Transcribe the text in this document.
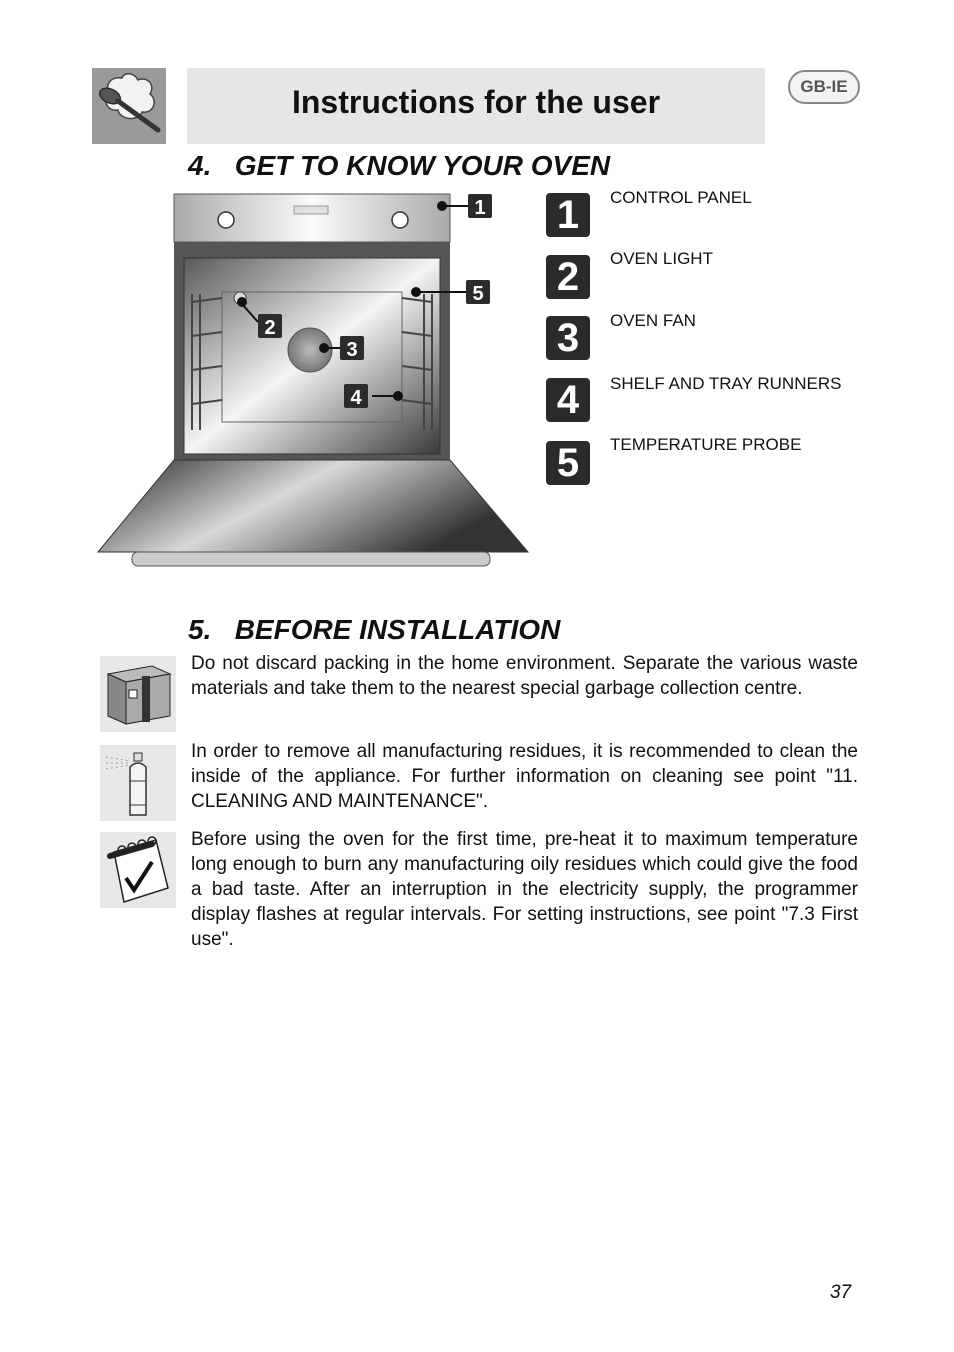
Instructions for the user	GB-IE
4.   GET TO KNOW YOUR OVEN
1
5
2
3
4
1	CONTROL PANEL
2	OVEN LIGHT
3	OVEN FAN
4	SHELF AND TRAY RUNNERS
5	TEMPERATURE PROBE
5.   BEFORE INSTALLATION

Do not discard packing in the home environment. Separate the various waste materials and take them to the nearest special garbage collection centre.

In order to remove all manufacturing residues, it is recommended to clean the inside of the appliance. For further information on cleaning see point "11. CLEANING AND MAINTENANCE".

Before using the oven for the first time, pre-heat it to maximum temperature long enough to burn any manufacturing oily residues which could give the food a bad taste. After an interruption in the electricity supply, the programmer display flashes at regular intervals. For setting instructions, see point "7.3 First use".

37
